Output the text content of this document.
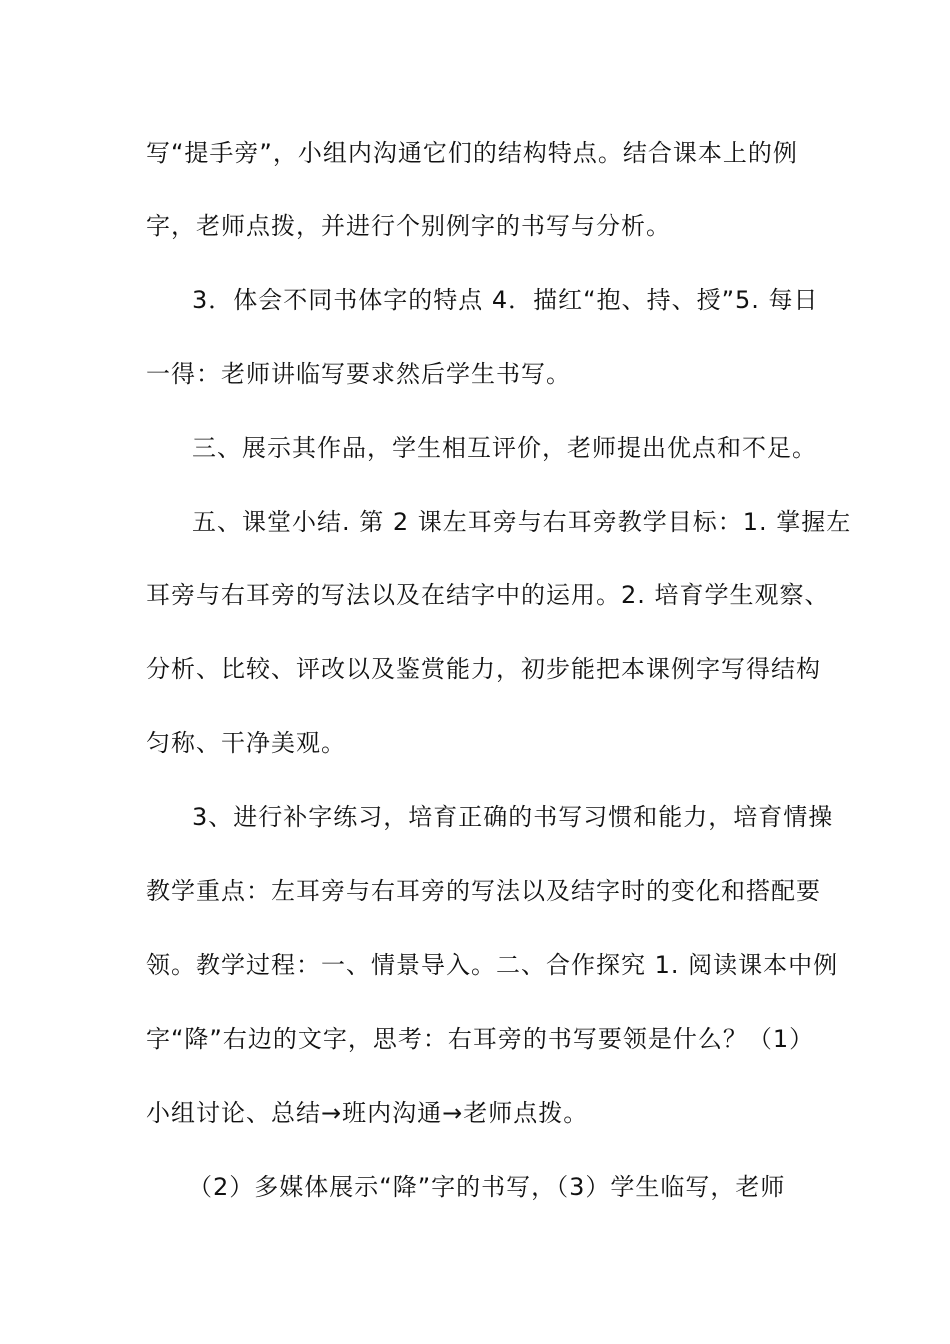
写“提手旁”，小组内沟通它们的结构特点。结合课本上的例
字，老师点拨，并进行个别例字的书写与分析。
3．体会不同书体字的特点 4．描红“抱、持、授”5. 每日
一得：老师讲临写要求然后学生书写。
三、展示其作品，学生相互评价，老师提出优点和不足。
五、课堂小结. 第 2 课左耳旁与右耳旁教学目标：1. 掌握左
耳旁与右耳旁的写法以及在结字中的运用。2. 培育学生观察、
分析、比较、评改以及鉴赏能力，初步能把本课例字写得结构
匀称、干净美观。
3、进行补字练习，培育正确的书写习惯和能力，培育情操
教学重点：左耳旁与右耳旁的写法以及结字时的变化和搭配要
领。教学过程：一、情景导入。二、合作探究 1. 阅读课本中例
字“降”右边的文字，思考：右耳旁的书写要领是什么？（1）
小组讨论、总结→班内沟通→老师点拨。
（2）多媒体展示“降”字的书写，（3）学生临写，老师
